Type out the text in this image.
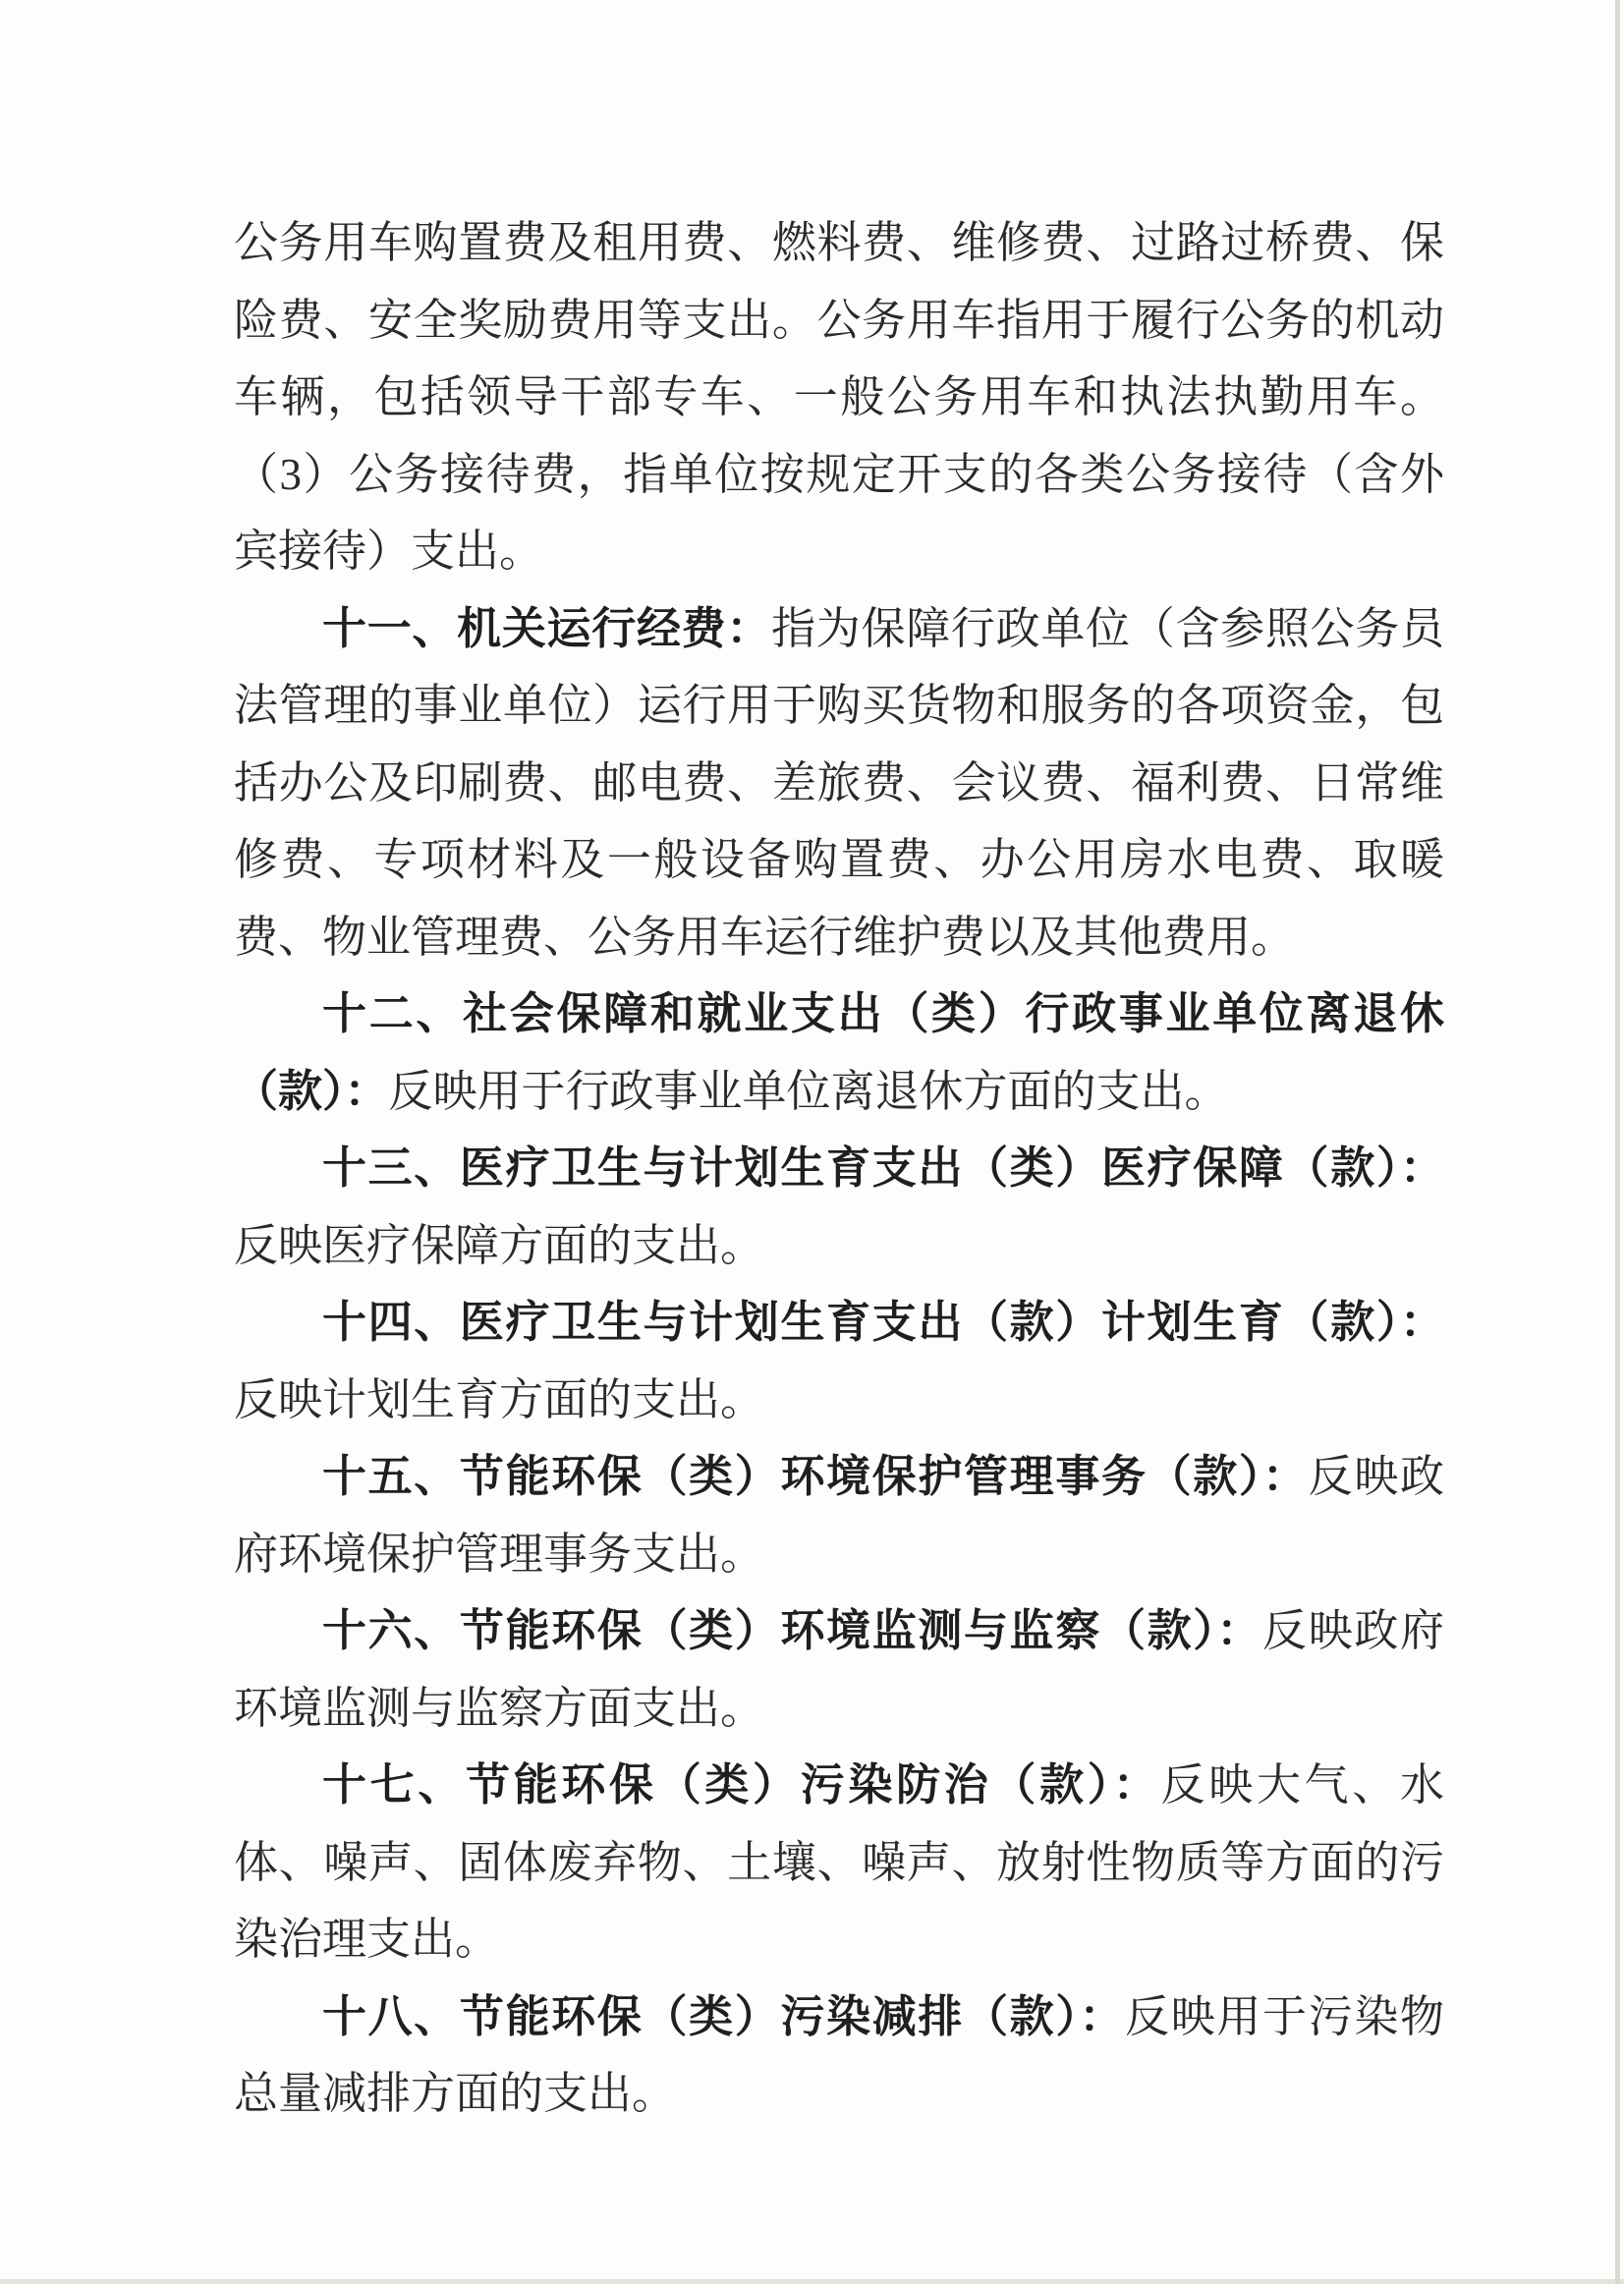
公务用车购置费及租用费、燃料费、维修费、过路过桥费、保险费、安全奖励费用等支出。公务用车指用于履行公务的机动车辆，包括领导干部专车、一般公务用车和执法执勤用车。（3）公务接待费，指单位按规定开支的各类公务接待（含外宾接待）支出。

十一、机关运行经费：指为保障行政单位（含参照公务员法管理的事业单位）运行用于购买货物和服务的各项资金，包括办公及印刷费、邮电费、差旅费、会议费、福利费、日常维修费、专项材料及一般设备购置费、办公用房水电费、取暖费、物业管理费、公务用车运行维护费以及其他费用。

十二、社会保障和就业支出（类）行政事业单位离退休（款）：反映用于行政事业单位离退休方面的支出。

十三、医疗卫生与计划生育支出（类）医疗保障（款）：反映医疗保障方面的支出。

十四、医疗卫生与计划生育支出（款）计划生育（款）：反映计划生育方面的支出。

十五、节能环保（类）环境保护管理事务（款）：反映政府环境保护管理事务支出。

十六、节能环保（类）环境监测与监察（款）：反映政府环境监测与监察方面支出。

十七、节能环保（类）污染防治（款）：反映大气、水体、噪声、固体废弃物、土壤、噪声、放射性物质等方面的污染治理支出。

十八、节能环保（类）污染减排（款）：反映用于污染物总量减排方面的支出。
